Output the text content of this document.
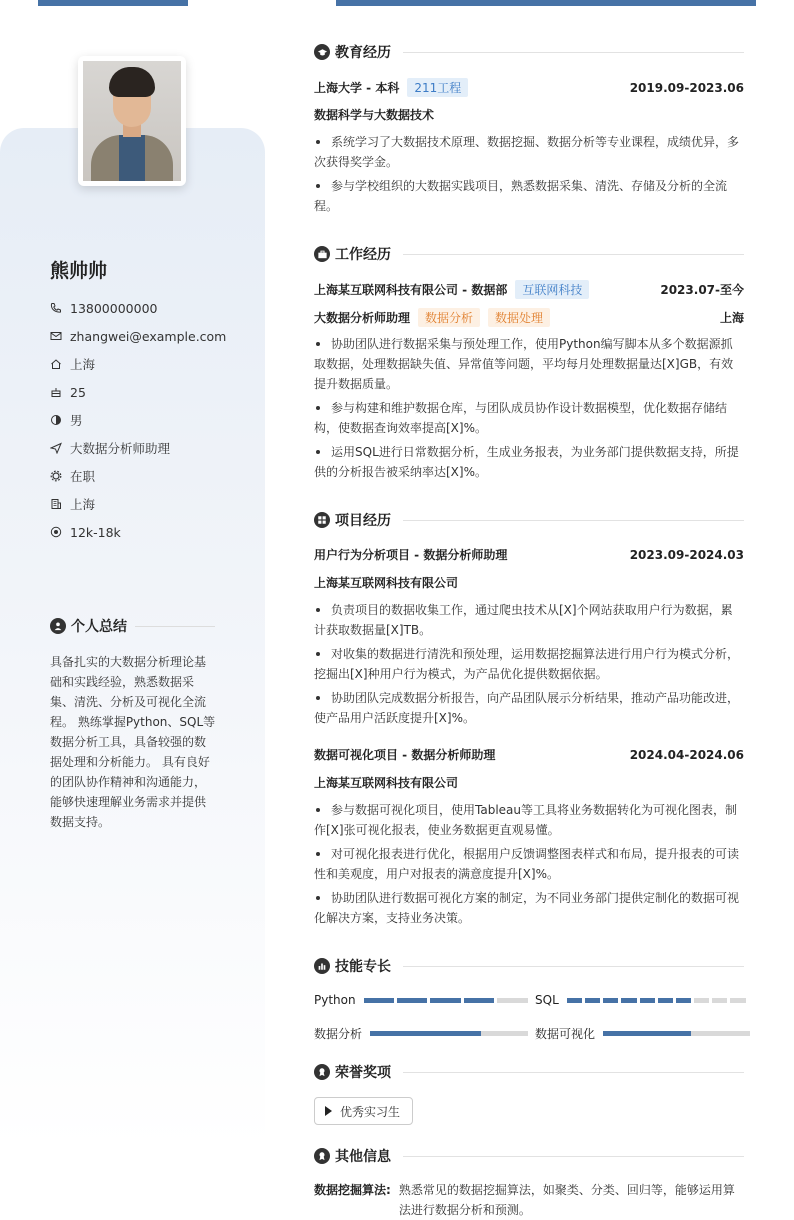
熊帅帅
13800000000
zhangwei@example.com
上海
25
男
大数据分析师助理
在职
上海
12k-18k
个人总结
具备扎实的大数据分析理论基础和实践经验，熟悉数据采集、清洗、分析及可视化全流程。 熟练掌握Python、SQL等数据分析工具，具备较强的数据处理和分析能力。 具有良好的团队协作精神和沟通能力，能够快速理解业务需求并提供数据支持。
教育经历
上海大学 - 本科	211工程	2019.09-2023.06
数据科学与大数据技术
系统学习了大数据技术原理、数据挖掘、数据分析等专业课程，成绩优异，多次获得奖学金。
参与学校组织的大数据实践项目，熟悉数据采集、清洗、存储及分析的全流程。
工作经历
上海某互联网科技有限公司 - 数据部	互联网科技	2023.07-至今
大数据分析师助理	数据分析	数据处理	上海
协助团队进行数据采集与预处理工作，使用Python编写脚本从多个数据源抓取数据，处理数据缺失值、异常值等问题，平均每月处理数据量达[X]GB，有效提升数据质量。
参与构建和维护数据仓库，与团队成员协作设计数据模型，优化数据存储结构，使数据查询效率提高[X]%。
运用SQL进行日常数据分析，生成业务报表，为业务部门提供数据支持，所提供的分析报告被采纳率达[X]%。
项目经历
用户行为分析项目 - 数据分析师助理	2023.09-2024.03
上海某互联网科技有限公司
负责项目的数据收集工作，通过爬虫技术从[X]个网站获取用户行为数据，累计获取数据量[X]TB。
对收集的数据进行清洗和预处理，运用数据挖掘算法进行用户行为模式分析，挖掘出[X]种用户行为模式，为产品优化提供数据依据。
协助团队完成数据分析报告，向产品团队展示分析结果，推动产品功能改进，使产品用户活跃度提升[X]%。
数据可视化项目 - 数据分析师助理	2024.04-2024.06
上海某互联网科技有限公司
参与数据可视化项目，使用Tableau等工具将业务数据转化为可视化图表，制作[X]张可视化报表，使业务数据更直观易懂。
对可视化报表进行优化，根据用户反馈调整图表样式和布局，提升报表的可读性和美观度，用户对报表的满意度提升[X]%。
协助团队进行数据可视化方案的制定，为不同业务部门提供定制化的数据可视化解决方案，支持业务决策。
技能专长
Python	SQL
数据分析	数据可视化
荣誉奖项
优秀实习生
其他信息
数据挖掘算法: 熟悉常见的数据挖掘算法，如聚类、分类、回归等，能够运用算法进行数据分析和预测。
